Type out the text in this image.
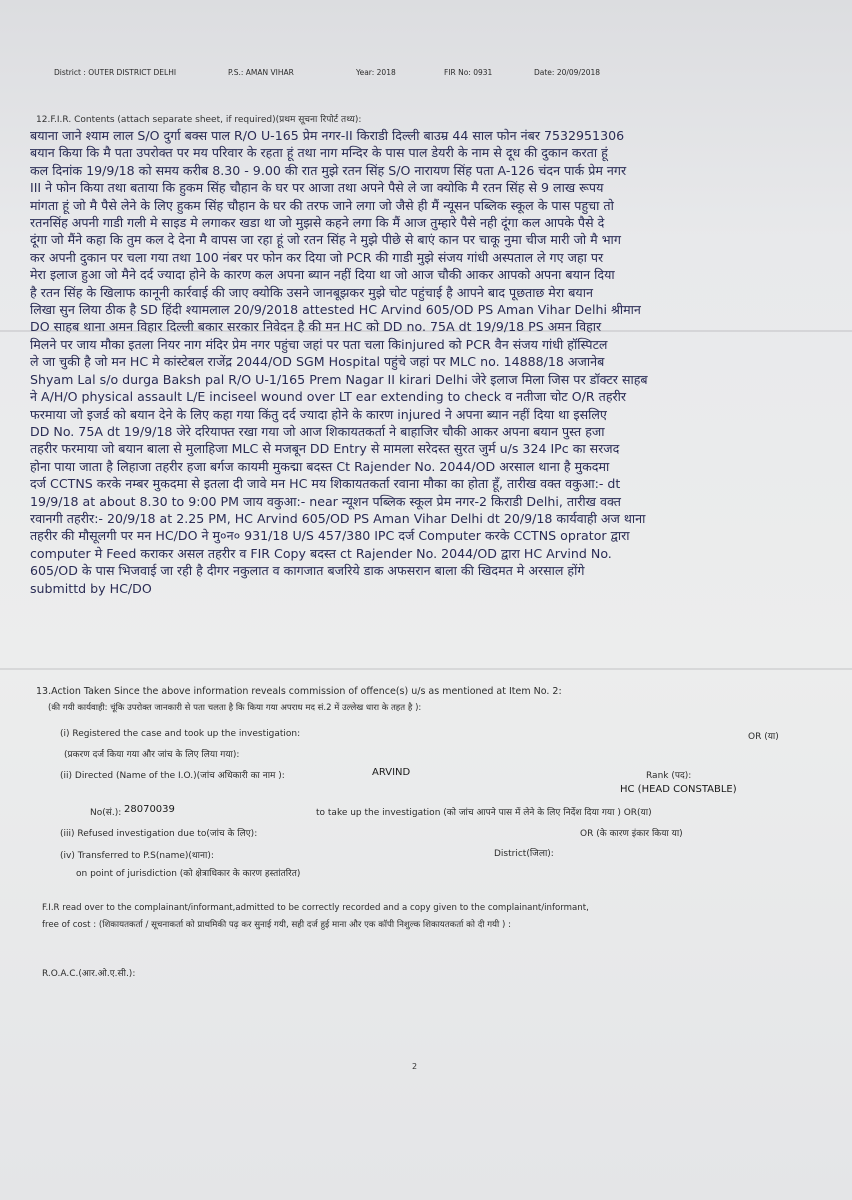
District : OUTER DISTRICT DELHI	P.S.: AMAN VIHAR	Year: 2018	FIR No: 0931	Date: 20/09/2018
12.F.I.R. Contents (attach separate sheet, if required)(प्रथम सूचना रिपोर्ट तथ्य):
बयाना जाने श्याम लाल S/O दुर्गा बक्स पाल R/O U-165 प्रेम नगर-II किराडी दिल्ली बाउम्र 44 साल फोन नंबर 7532951306
बयान किया कि मै पता उपरोक्त पर मय परिवार के रहता हूं तथा नाग मन्दिर के पास पाल डेयरी के नाम से दूध की दुकान करता हूं
कल दिनांक 19/9/18 को समय करीब 8.30 - 9.00 की रात मुझे रतन सिंह S/O नारायण सिंह पता A-126 चंदन पार्क प्रेम नगर
III ने फोन किया तथा बताया कि हुकम सिंह चौहान के घर पर आजा तथा अपने पैसे ले जा क्योकि मै रतन सिंह से 9 लाख रूपय
मांगता हूं जो मै पैसे लेने के लिए हुकम सिंह चौहान के घर की तरफ जाने लगा जो जैसे ही मैं न्यूसन पब्लिक स्कूल के पास पहुचा तो
रतनसिंह अपनी गाडी गली मे साइड मे लगाकर खडा था जो मुझसे कहने लगा कि मैं आज तुम्हारे पैसे नही दूंगा कल आपके पैसे दे
दूंगा जो मैंने कहा कि तुम कल दे देना मै वापस जा रहा हूं जो रतन सिंह ने मुझे पीछे से बाएं कान पर चाकू नुमा चीज मारी जो मै भाग
कर अपनी दुकान पर चला गया तथा 100 नंबर पर फोन कर दिया जो PCR की गाडी मुझे संजय गांधी अस्पताल ले गए जहा पर
मेरा इलाज हुआ जो मैने दर्द ज्यादा होने के कारण कल अपना ब्यान नहीं दिया था जो आज चौकी आकर आपको अपना बयान दिया
है रतन सिंह के खिलाफ कानूनी कार्रवाई की जाए क्योकि उसने जानबूझकर मुझे चोट पहुंचाई है आपने बाद पूछताछ मेरा बयान
लिखा सुन लिया ठीक है SD हिंदी श्यामलाल 20/9/2018 attested HC Arvind 605/OD PS Aman Vihar Delhi श्रीमान
DO साहब थाना अमन विहार दिल्ली बकार सरकार निवेदन है की मन HC को DD no. 75A dt 19/9/18 PS अमन विहार
मिलने पर जाय मौका इतला नियर नाग मंदिर प्रेम नगर पहुंचा जहां पर पता चला किinjured को PCR वैन संजय गांधी हॉस्पिटल
ले जा चुकी है जो मन HC मे कांस्टेबल राजेंद्र 2044/OD SGM Hospital पहुंचे जहां पर MLC no. 14888/18 अजानेब
Shyam Lal s/o durga Baksh pal R/O U-1/165 Prem Nagar II kirari Delhi जेरे इलाज मिला जिस पर डॉक्टर साहब
ने A/H/O physical assault L/E inciseel wound over LT ear extending to check व नतीजा चोट O/R तहरीर
फरमाया जो इजर्ड को बयान देने के लिए कहा गया किंतु दर्द ज्यादा होने के कारण injured ने अपना ब्यान नहीं दिया था इसलिए
DD No. 75A dt 19/9/18 जेरे दरियाफ्त रखा गया जो आज शिकायतकर्ता ने बाहाजिर चौकी आकर अपना बयान पुस्त हजा
तहरीर फरमाया जो बयान बाला से मुलाहिजा MLC से मजबून DD Entry से मामला सरेदस्त सुरत जुर्म u/s 324 IPc का सरजद
होना पाया जाता है लिहाजा तहरीर हजा बर्गज कायमी मुकद्मा बदस्त Ct Rajender No. 2044/OD अरसाल थाना है मुकदमा
दर्ज CCTNS करके नम्बर मुकदमा से इतला दी जावे मन HC मय शिकायतकर्ता रवाना मौका का होता हूँ, तारीख वक्त वकुआ:- dt
19/9/18 at about 8.30 to 9:00 PM जाय वकुआ:- near न्यूशन पब्लिक स्कूल प्रेम नगर-2 किराडी Delhi, तारीख वक्त
रवानगी तहरीर:- 20/9/18 at 2.25 PM, HC Arvind 605/OD PS Aman Vihar Delhi dt 20/9/18 कार्यवाही अज थाना
तहरीर की मौसूलगी पर मन HC/DO ने मु०न० 931/18 U/S 457/380 IPC दर्ज Computer करके CCTNS oprator द्वारा
computer मे Feed कराकर असल तहरीर व FIR Copy बदस्त ct Rajender No. 2044/OD द्वारा HC Arvind No.
605/OD के पास भिजवाई जा रही है दीगर नकुलात व कागजात बजरिये डाक अफसरान बाला की खिदमत मे अरसाल होंगे
submittd by HC/DO
13.Action Taken Since the above information reveals commission of offence(s) u/s as mentioned at Item No. 2:
(की गयी कार्यवाही: चूंकि उपरोक्त जानकारी से पता चलता है कि किया गया अपराध मद सं.2 में उल्लेख धारा के तहत है ):
(i) Registered the case and took up the investigation:	OR (या)
(प्रकरण दर्ज किया गया और जांच के लिए लिया गया):
(ii) Directed (Name of the I.O.)(जांच अधिकारी का नाम ):	ARVIND	Rank (पद):
HC (HEAD CONSTABLE)
No(सं.): 28070039	to take up the investigation (को जांच आपने पास में लेने के लिए निर्देश दिया गया ) OR(या)
(iii) Refused investigation due to(जांच के लिए):	OR (के कारण इंकार किया या)
(iv) Transferred to P.S(name)(थाना):	District(जिला):
on point of jurisdiction (को क्षेत्राधिकार के कारण हस्तांतरित)
F.I.R read over to the complainant/informant,admitted to be correctly recorded and a copy given to the complainant/informant,
free of cost : (शिकायतकर्ता / सूचनाकर्ता को प्राथमिकी पढ़ कर सुनाई गयी, सही दर्ज हुई माना और एक कॉपी निशुल्क शिकायतकर्ता को दी गयी ) :
R.O.A.C.(आर.ओ.ए.सी.):
2
